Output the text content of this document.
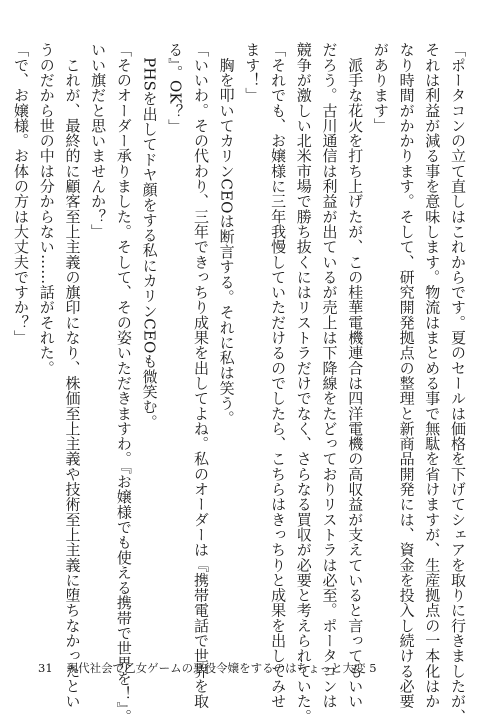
「ポータコンの立て直しはこれからです。夏のセールは価格を下げてシェアを取りに行きましたが、
それは利益が減る事を意味します。物流はまとめる事で無駄を省けますが、生産拠点の一本化はか
なり時間がかかります。そして、研究開発拠点の整理と新商品開発には、資金を投入し続ける必要
があります」
　派手な花火を打ち上げたが、この桂華電機連合は四洋電機の高収益が支えていると言ってもいい
だろう。古川通信は利益が出ているが売上は下降線をたどっておりリストラは必至。ポータコンは
競争が激しい北米市場で勝ち抜くにはリストラだけでなく、さらなる買収が必要と考えられていた。
「それでも、お嬢様に三年我慢していただけるのでしたら、こちらはきっちりと成果を出してみせ
ます！」
　胸を叩いてカリンCEOは断言する。それに私は笑う。
「いいわ。その代わり、三年できっちり成果を出してよね。私のオーダーは『携帯電話で世界を取
る』。OK？」
　PHSを出してドヤ顔をする私にカリンCEOも微笑む。
「そのオーダー承りました。そして、その姿いただきますわ。『お嬢様でも使える携帯で世界を！』。
いい旗だと思いませんか？」
　これが、最終的に顧客至上主義の旗印になり、株価至上主義や技術至上主義に堕ちなかったとい
うのだから世の中は分からない……話がそれた。
「で、お嬢様。お体の方は大丈夫ですか？」
31 現代社会で乙女ゲームの悪役令嬢をするのはちょっと大変 5
